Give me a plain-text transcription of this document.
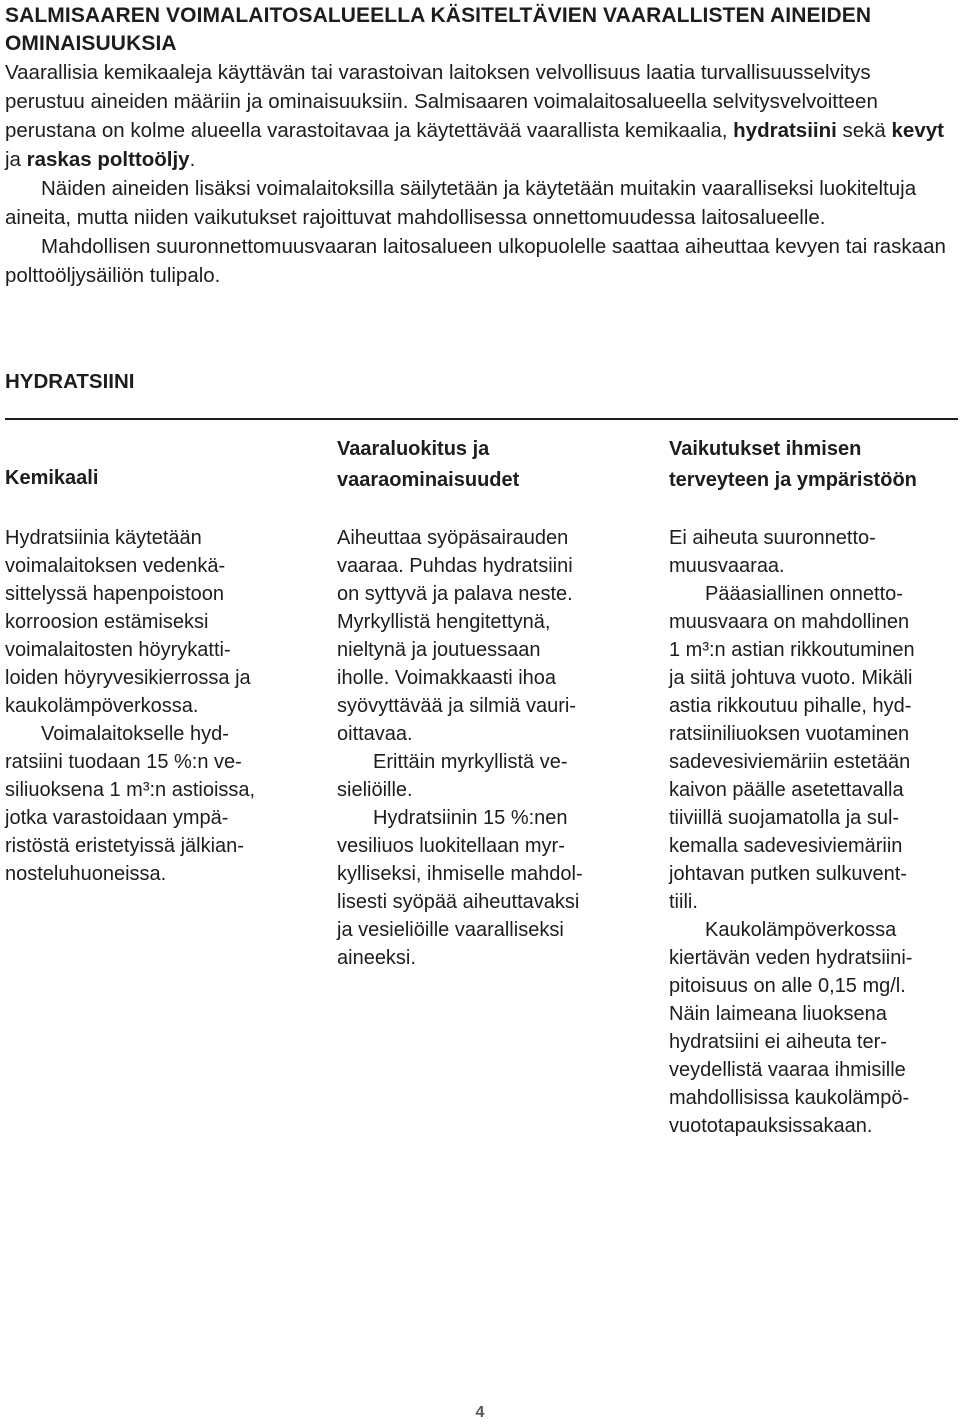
SALMISAAREN VOIMALAITOSALUEELLA KÄSITELTÄVIEN VAARALLISTEN AINEIDEN
OMINAISUUKSIA

Vaarallisia kemikaaleja käyttävän tai varastoivan laitoksen velvollisuus laatia turvallisuusselvitys perustuu aineiden määriin ja ominaisuuksiin. Salmisaaren voimalaitosalueella selvitysvelvoitteen perustana on kolme alueella varastoitavaa ja käytettävää vaarallista kemikaalia, hydratsiini sekä kevyt ja raskas polttoöljy.

Näiden aineiden lisäksi voimalaitoksilla säilytetään ja käytetään muitakin vaaralliseksi luokiteltuja aineita, mutta niiden vaikutukset rajoittuvat mahdollisessa onnettomuudessa laitosalueelle.

Mahdollisen suuronnettomuusvaaran laitosalueen ulkopuolelle saattaa aiheuttaa kevyen tai raskaan polttoöljysäiliön tulipalo.

HYDRATSIINI
Kemikaali
Vaaraluokitus ja
vaaraominaisuudet
Vaikutukset ihmisen
terveyteen ja ympäristöön

Hydratsiinia käytetään
voimalaitoksen vedenkä-
sittelyssä hapenpoistoon
korroosion estämiseksi
voimalaitosten höyrykatti-
loiden höyryvesikierrossa ja
kaukolämpöverkossa.

Voimalaitokselle hyd-
ratsiini tuodaan 15 %:n ve-
siliuoksena 1 m³:n astioissa,
jotka varastoidaan ympä-
ristöstä eristetyissä jälkian-
nosteluhuoneissa.

Aiheuttaa syöpäsairauden
vaaraa. Puhdas hydratsiini
on syttyvä ja palava neste.
Myrkyllistä hengitettynä,
nieltynä ja joutuessaan
iholle. Voimakkaasti ihoa
syövyttävää ja silmiä vauri-
oittavaa.

Erittäin myrkyllistä ve-
sieliöille.

Hydratsiinin 15 %:nen
vesiliuos luokitellaan myr-
kylliseksi, ihmiselle mahdol-
lisesti syöpää aiheuttavaksi
ja vesieliöille vaaralliseksi
aineeksi.

Ei aiheuta suuronnetto-
muusvaaraa.

Pääasiallinen onnetto-
muusvaara on mahdollinen
1 m³:n astian rikkoutuminen
ja siitä johtuva vuoto. Mikäli
astia rikkoutuu pihalle, hyd-
ratsiiniliuoksen vuotaminen
sadevesiviemäriin estetään
kaivon päälle asetettavalla
tiiviillä suojamatolla ja sul-
kemalla sadevesiviemäriin
johtavan putken sulkuvent-
tiili.

Kaukolämpöverkossa
kiertävän veden hydratsiini-
pitoisuus on alle 0,15 mg/l.
Näin laimeana liuoksena
hydratsiini ei aiheuta ter-
veydellistä vaaraa ihmisille
mahdollisissa kaukolämpö-
vuototapauksissakaan.

4
